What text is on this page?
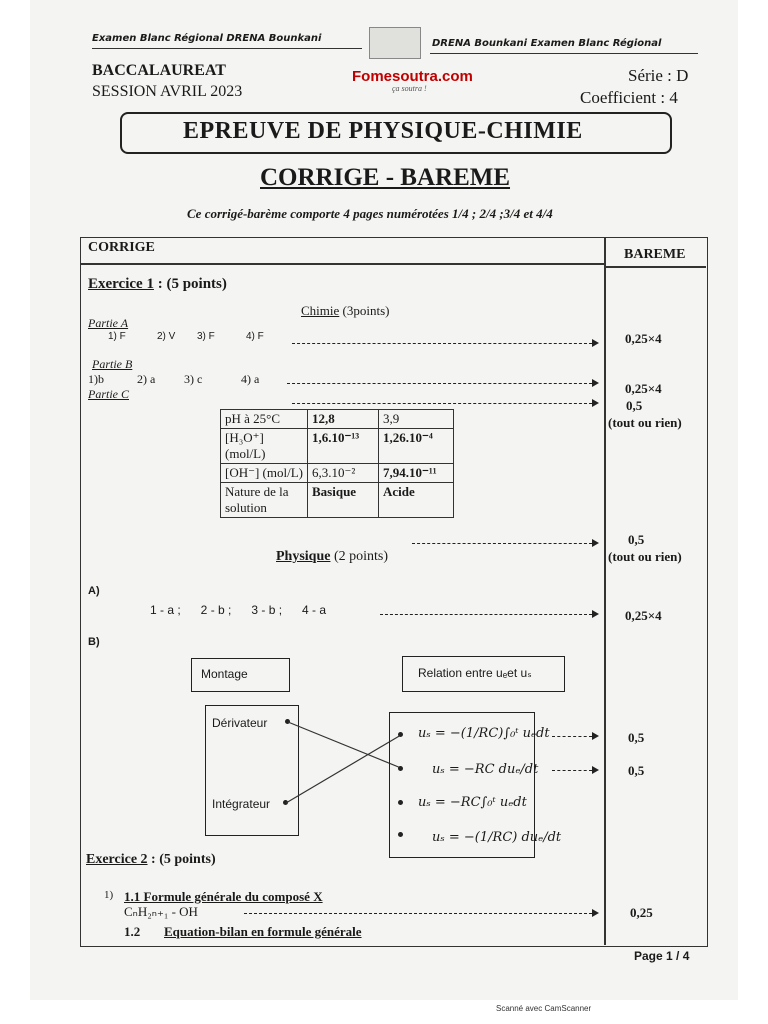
Examen Blanc Régional DRENA Bounkani	DRENA Bounkani Examen Blanc Régional
BACCALAUREAT
SESSION AVRIL 2023
Fomesoutra.com
ça soutra !
Série : D
Coefficient : 4
EPREUVE DE PHYSIQUE-CHIMIE
CORRIGE - BAREME
Ce corrigé-barème comporte 4 pages numérotées 1/4 ; 2/4 ;3/4 et 4/4
CORRIGE	BAREME
Exercice 1 : (5 points)
Chimie (3points)
Partie A
1) F	2) V 3) F	4) F	0,25×4
Partie B
1)b	2) a 3) c	4) a
0,25×4
Partie C
0,5
(tout ou rien)
pH à 25°C	12,8	3,9
[H₃O⁺] (mol/L)	1,6.10⁻¹³	1,26.10⁻⁴
[OH⁻] (mol/L)	6,3.10⁻²	7,94.10⁻¹¹
Nature de la solution	Basique	Acide
0,5
(tout ou rien)
Physique (2 points)
A)
1 - a ;      2 - b ;      3 - b ;      4 - a	0,25×4
B)
Montage	Relation entre uₑet uₛ
Dérivateur
Intégrateur
uₛ = −(1/RC)∫₀ᵗ uₑdt
uₛ = −RC duₑ/dt
uₛ = −RC∫₀ᵗ uₑdt
uₛ = −(1/RC) duₑ/dt
0,5
0,5
Exercice 2 : (5 points)
1) 1.1 Formule générale du composé X
CₙH₂ₙ₊₁ - OH	0,25
1.2 Equation-bilan en formule générale
Page 1 / 4
Scanné avec CamScanner
